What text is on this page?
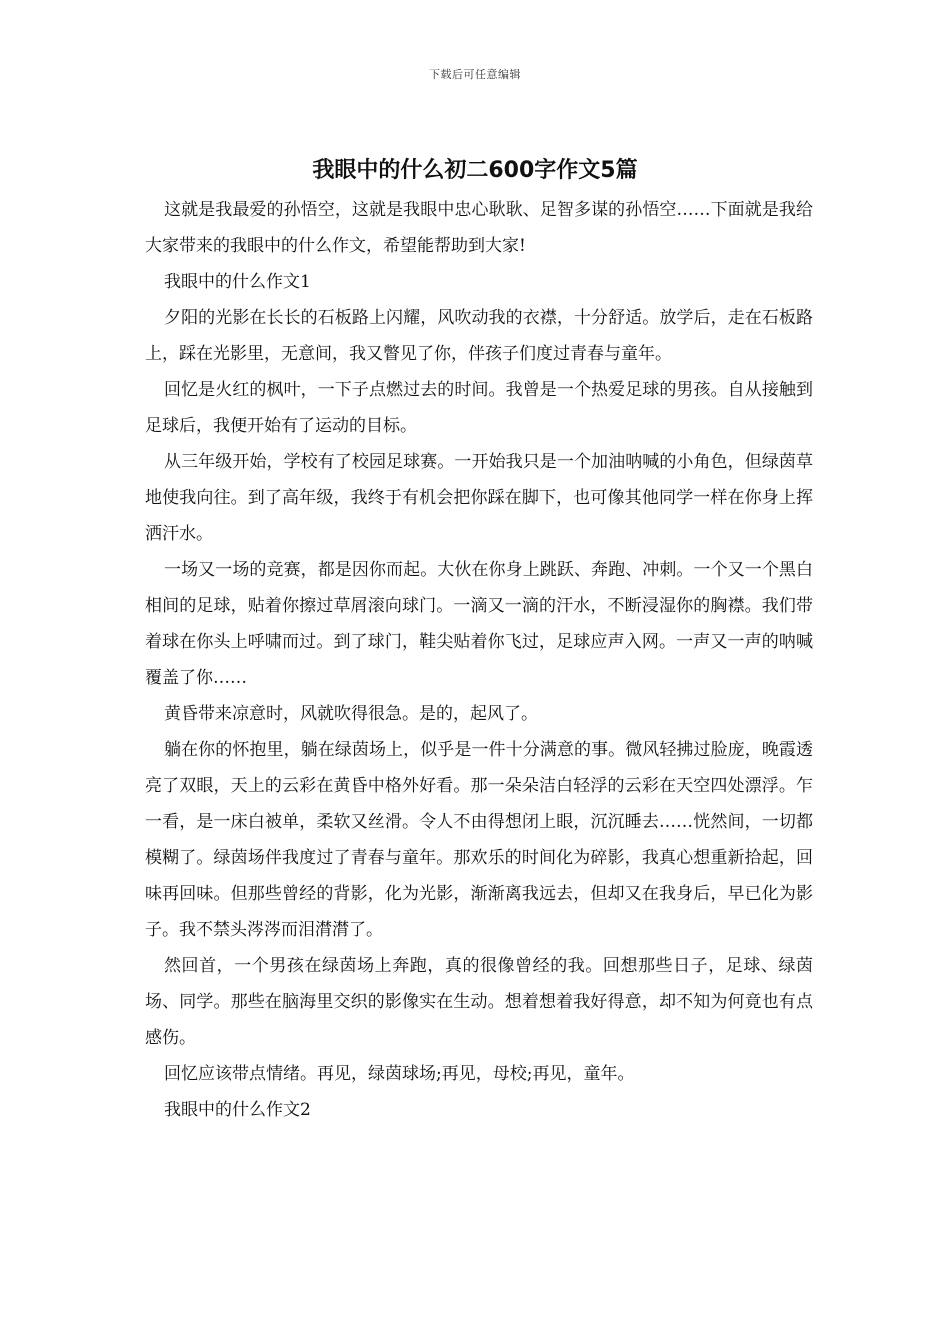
下载后可任意编辑
我眼中的什么初二600字作文5篇

这就是我最爱的孙悟空，这就是我眼中忠心耿耿、足智多谋的孙悟空……下面就是我给大家带来的我眼中的什么作文，希望能帮助到大家!

我眼中的什么作文1

夕阳的光影在长长的石板路上闪耀，风吹动我的衣襟，十分舒适。放学后，走在石板路上，踩在光影里，无意间，我又瞥见了你，伴孩子们度过青春与童年。

回忆是火红的枫叶，一下子点燃过去的时间。我曾是一个热爱足球的男孩。自从接触到足球后，我便开始有了运动的目标。

从三年级开始，学校有了校园足球赛。一开始我只是一个加油呐喊的小角色，但绿茵草地使我向往。到了高年级，我终于有机会把你踩在脚下，也可像其他同学一样在你身上挥洒汗水。

一场又一场的竞赛，都是因你而起。大伙在你身上跳跃、奔跑、冲刺。一个又一个黑白相间的足球，贴着你擦过草屑滚向球门。一滴又一滴的汗水，不断浸湿你的胸襟。我们带着球在你头上呼啸而过。到了球门，鞋尖贴着你飞过，足球应声入网。一声又一声的呐喊覆盖了你……

黄昏带来凉意时，风就吹得很急。是的，起风了。

躺在你的怀抱里，躺在绿茵场上，似乎是一件十分满意的事。微风轻拂过脸庞，晚霞透亮了双眼，天上的云彩在黄昏中格外好看。那一朵朵洁白轻浮的云彩在天空四处漂浮。乍一看，是一床白被单，柔软又丝滑。令人不由得想闭上眼，沉沉睡去……恍然间，一切都模糊了。绿茵场伴我度过了青春与童年。那欢乐的时间化为碎影，我真心想重新拾起，回味再回味。但那些曾经的背影，化为光影，渐渐离我远去，但却又在我身后，早已化为影子。我不禁头涔涔而泪潸潸了。

然回首，一个男孩在绿茵场上奔跑，真的很像曾经的我。回想那些日子，足球、绿茵场、同学。那些在脑海里交织的影像实在生动。想着想着我好得意，却不知为何竟也有点感伤。

回忆应该带点情绪。再见，绿茵球场;再见，母校;再见，童年。

我眼中的什么作文2
